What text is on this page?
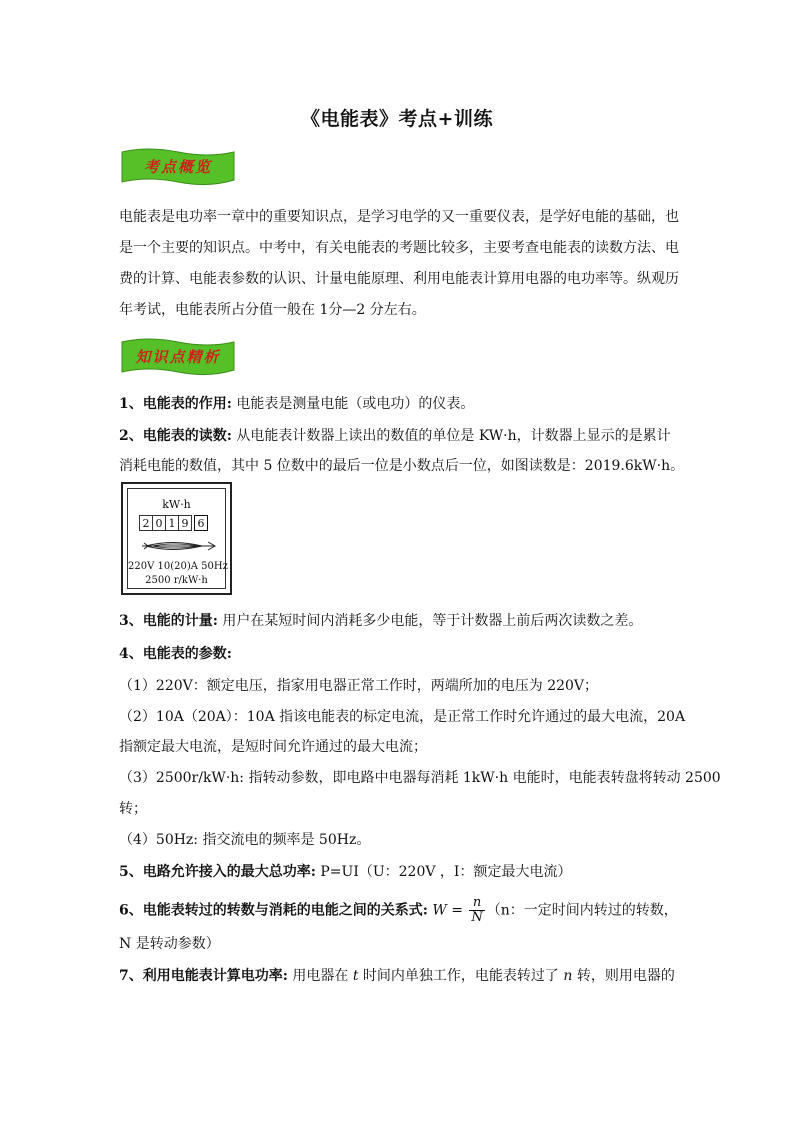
《电能表》考点+训练
考点概览
电能表是电功率一章中的重要知识点，是学习电学的又一重要仪表，是学好电能的基础，也是一个主要的知识点。中考中，有关电能表的考题比较多，主要考查电能表的读数方法、电费的计算、电能表参数的认识、计量电能原理、利用电能表计算用电器的电功率等。纵观历年考试，电能表所占分值一般在 1分—2 分左右。
知识点精析
1、电能表的作用: 电能表是测量电能（或电功）的仪表。
2、电能表的读数: 从电能表计数器上读出的数值的单位是 KW·h，计数器上显示的是累计
消耗电能的数值，其中 5 位数中的最后一位是小数点后一位，如图读数是：2019.6kW·h。
kW·h
2 0 1 9 6
220V 10(20)A 50Hz
2500 r/kW·h
3、电能的计量: 用户在某短时间内消耗多少电能，等于计数器上前后两次读数之差。
4、电能表的参数:
（1）220V：额定电压，指家用电器正常工作时，两端所加的电压为 220V；
（2）10A（20A）：10A 指该电能表的标定电流，是正常工作时允许通过的最大电流，20A
指额定最大电流，是短时间允许通过的最大电流；
（3）2500r/kW·h: 指转动参数，即电路中电器每消耗 1kW·h 电能时，电能表转盘将转动 2500
转；
（4）50Hz: 指交流电的频率是 50Hz。
5、电路允许接入的最大总功率: P=UI（U：220V ，I：额定最大电流）
6、电能表转过的转数与消耗的电能之间的关系式: $W = \frac{n}{N} (n$：一定时间内转过的转数，
N 是转动参数）
7、利用电能表计算电功率: 用电器在 t 时间内单独工作，电能表转过了 n 转，则用电器的
